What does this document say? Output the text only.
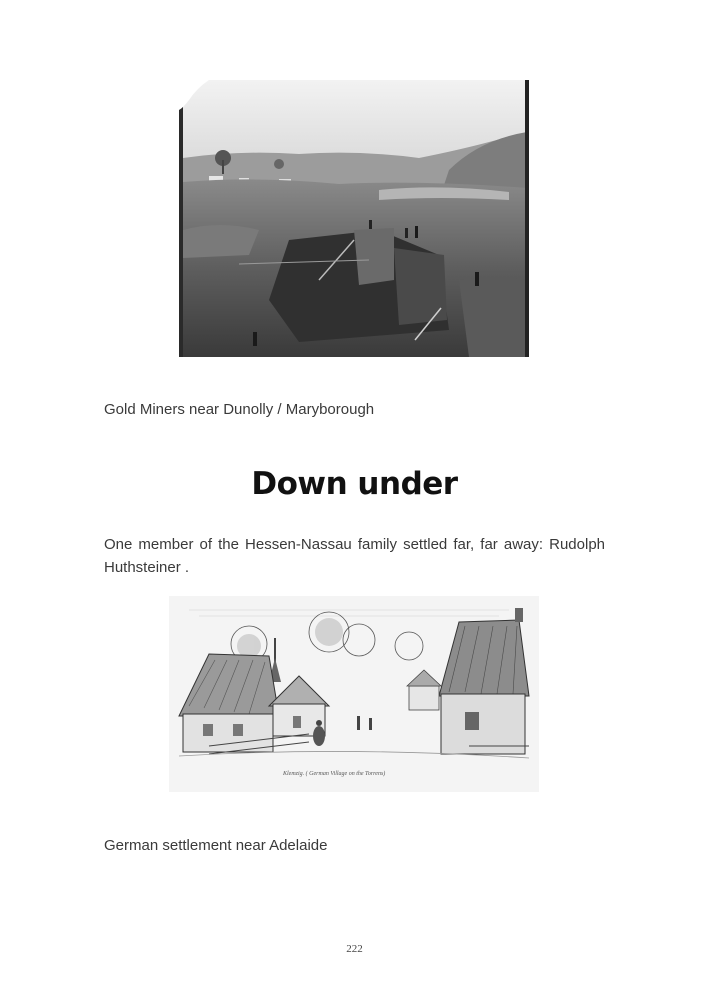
Gold Miners near Dunolly / Maryborough

Down under

One member of the Hessen-Nassau family settled far, far away: Rudolph Huthsteiner .

Klemzig. ( German Village on the Torrens)

German settlement near Adelaide

222
